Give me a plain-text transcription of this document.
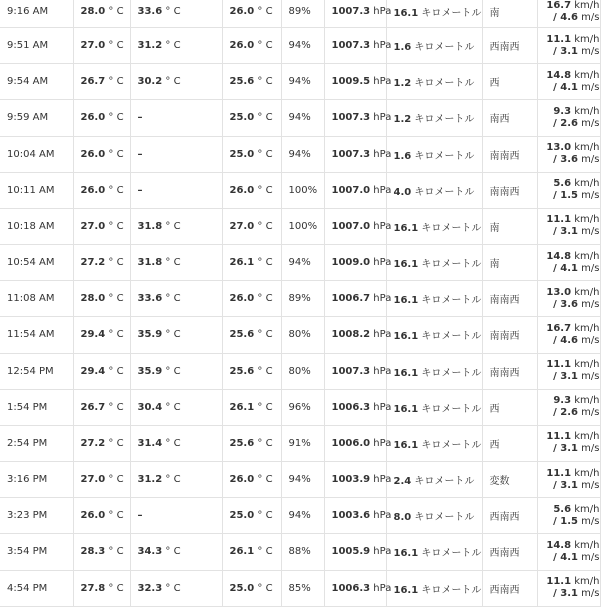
9:16 AM	28.0 ° C	33.6 ° C	26.0 ° C	89%	1007.3 hPa	16.1 キロメートル	南	16.7 km/h
/ 4.6 m/s

9:51 AM	27.0 ° C	31.2 ° C	26.0 ° C	94%	1007.3 hPa	1.6 キロメートル	西南西	11.1 km/h
/ 3.1 m/s

9:54 AM	26.7 ° C	30.2 ° C	25.6 ° C	94%	1009.5 hPa	1.2 キロメートル	西	14.8 km/h
/ 4.1 m/s

9:59 AM	26.0 ° C	–	25.0 ° C	94%	1007.3 hPa	1.2 キロメートル	南西	9.3 km/h
/ 2.6 m/s

10:04 AM	26.0 ° C	–	25.0 ° C	94%	1007.3 hPa	1.6 キロメートル	南南西	13.0 km/h
/ 3.6 m/s

10:11 AM	26.0 ° C	–	26.0 ° C	100%	1007.0 hPa	4.0 キロメートル	南南西	5.6 km/h
/ 1.5 m/s

10:18 AM	27.0 ° C	31.8 ° C	27.0 ° C	100%	1007.0 hPa	16.1 キロメートル	南	11.1 km/h
/ 3.1 m/s

10:54 AM	27.2 ° C	31.8 ° C	26.1 ° C	94%	1009.0 hPa	16.1 キロメートル	南	14.8 km/h
/ 4.1 m/s

11:08 AM	28.0 ° C	33.6 ° C	26.0 ° C	89%	1006.7 hPa	16.1 キロメートル	南南西	13.0 km/h
/ 3.6 m/s

11:54 AM	29.4 ° C	35.9 ° C	25.6 ° C	80%	1008.2 hPa	16.1 キロメートル	南南西	16.7 km/h
/ 4.6 m/s

12:54 PM	29.4 ° C	35.9 ° C	25.6 ° C	80%	1007.3 hPa	16.1 キロメートル	南南西	11.1 km/h
/ 3.1 m/s

1:54 PM	26.7 ° C	30.4 ° C	26.1 ° C	96%	1006.3 hPa	16.1 キロメートル	西	9.3 km/h
/ 2.6 m/s

2:54 PM	27.2 ° C	31.4 ° C	25.6 ° C	91%	1006.0 hPa	16.1 キロメートル	西	11.1 km/h
/ 3.1 m/s

3:16 PM	27.0 ° C	31.2 ° C	26.0 ° C	94%	1003.9 hPa	2.4 キロメートル	変数	11.1 km/h
/ 3.1 m/s

3:23 PM	26.0 ° C	–	25.0 ° C	94%	1003.6 hPa	8.0 キロメートル	西南西	5.6 km/h
/ 1.5 m/s

3:54 PM	28.3 ° C	34.3 ° C	26.1 ° C	88%	1005.9 hPa	16.1 キロメートル	西南西	14.8 km/h
/ 4.1 m/s

4:54 PM	27.8 ° C	32.3 ° C	25.0 ° C	85%	1006.3 hPa	16.1 キロメートル	西南西	11.1 km/h
/ 3.1 m/s
